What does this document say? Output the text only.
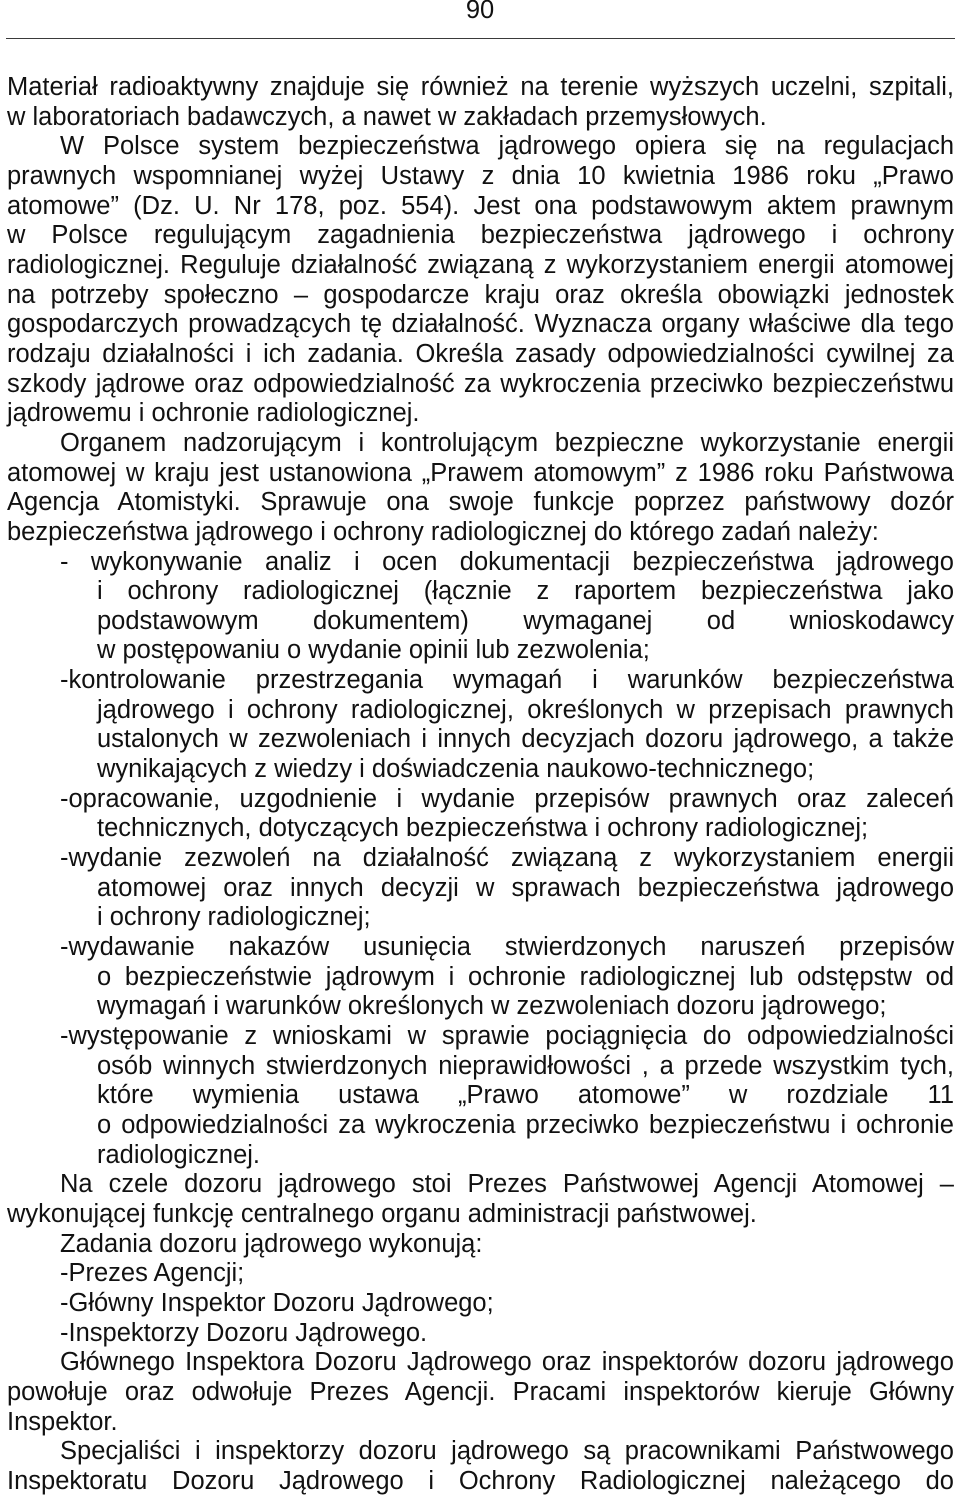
90
Materiał radioaktywny znajduje się również na terenie wyższych uczelni, szpitali,
w laboratoriach badawczych, a nawet w zakładach przemysłowych.
W Polsce system bezpieczeństwa jądrowego opiera się na regulacjach
prawnych wspomnianej wyżej Ustawy z dnia 10 kwietnia 1986 roku „Prawo
atomowe” (Dz. U. Nr 178, poz. 554). Jest ona podstawowym aktem prawnym
w Polsce regulującym zagadnienia bezpieczeństwa jądrowego i ochrony
radiologicznej. Reguluje działalność związaną z wykorzystaniem energii atomowej
na potrzeby społeczno – gospodarcze kraju oraz określa obowiązki jednostek
gospodarczych prowadzących tę działalność. Wyznacza organy właściwe dla tego
rodzaju działalności i ich zadania. Określa zasady odpowiedzialności cywilnej za
szkody jądrowe oraz odpowiedzialność za wykroczenia przeciwko bezpieczeństwu
jądrowemu i ochronie radiologicznej.
Organem nadzorującym i kontrolującym bezpieczne wykorzystanie energii
atomowej w kraju jest ustanowiona „Prawem atomowym” z 1986 roku Państwowa
Agencja Atomistyki. Sprawuje ona swoje funkcje poprzez państwowy dozór
bezpieczeństwa jądrowego i ochrony radiologicznej do którego zadań należy:
- wykonywanie analiz i ocen dokumentacji bezpieczeństwa jądrowego
i ochrony radiologicznej (łącznie z raportem bezpieczeństwa jako
podstawowym dokumentem) wymaganej od wnioskodawcy
w postępowaniu o wydanie opinii lub zezwolenia;
-kontrolowanie przestrzegania wymagań i warunków bezpieczeństwa
jądrowego i ochrony radiologicznej, określonych w przepisach prawnych
ustalonych w zezwoleniach i innych decyzjach dozoru jądrowego, a także
wynikających z wiedzy i doświadczenia naukowo-technicznego;
-opracowanie, uzgodnienie i wydanie przepisów prawnych oraz zaleceń
technicznych, dotyczących bezpieczeństwa i ochrony radiologicznej;
-wydanie zezwoleń na działalność związaną z wykorzystaniem energii
atomowej oraz innych decyzji w sprawach bezpieczeństwa jądrowego
i ochrony radiologicznej;
-wydawanie nakazów usunięcia stwierdzonych naruszeń przepisów
o bezpieczeństwie jądrowym i ochronie radiologicznej lub odstępstw od
wymagań i warunków określonych w zezwoleniach dozoru jądrowego;
-występowanie z wnioskami w sprawie pociągnięcia do odpowiedzialności
osób winnych stwierdzonych nieprawidłowości , a przede wszystkim tych,
które wymienia ustawa „Prawo atomowe” w rozdziale 11
o odpowiedzialności za wykroczenia przeciwko bezpieczeństwu i ochronie
radiologicznej.
Na czele dozoru jądrowego stoi Prezes Państwowej Agencji Atomowej –
wykonującej funkcję centralnego organu administracji państwowej.
Zadania dozoru jądrowego wykonują:
-Prezes Agencji;
-Główny Inspektor Dozoru Jądrowego;
-Inspektorzy Dozoru Jądrowego.
Głównego Inspektora Dozoru Jądrowego oraz inspektorów dozoru jądrowego
powołuje oraz odwołuje Prezes Agencji. Pracami inspektorów kieruje Główny
Inspektor.
Specjaliści i inspektorzy dozoru jądrowego są pracownikami Państwowego
Inspektoratu Dozoru Jądrowego i Ochrony Radiologicznej należącego do
